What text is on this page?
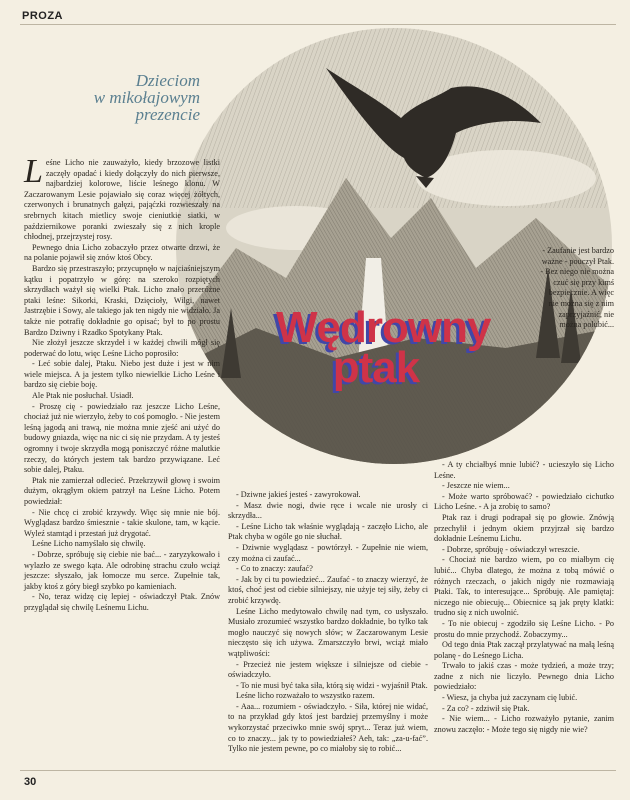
PROZA
Dzieciom
w mikołajowym
prezencie
Wędrowny
ptak

Leśne Licho nie zauważyło, kiedy brzozowe listki zaczęły opadać i kiedy dołączyły do nich pierwsze, najbardziej kolorowe, liście leśnego klonu. W Zaczarowanym Lesie pojawiało się coraz więcej żółtych, czerwonych i brunatnych gałęzi, pająćzki rozwieszały na srebrnych kitach mietlicy swoje cieniutkie siatki, w październikowe poranki zwieszały się z nich krople chłodnej, przejrzystej rosy.

Pewnego dnia Licho zobaczyło przez otwarte drzwi, że na polanie pojawił się znów ktoś Obcy.

Bardzo się przestraszyło; przycupnęło w najciaśniejszym kątku i popatrzyło w górę: na szeroko rozpiętych skrzydłach ważył się wielki Ptak. Licho znało przeróżne ptaki leśne: Sikorki, Kraski, Dzięcioły, Wilgi, nawet Jastrzębie i Sowy, ale takiego jak ten nigdy nie widziało. Ja także nie potrafię dokładnie go opisać; był to po prostu Bardzo Dziwny i Rzadko Spotykany Ptak.

Nie złożył jeszcze skrzydeł i w każdej chwili mógł się poderwać do lotu, więc Leśne Licho poprosiło:

- Leć sobie dalej, Ptaku. Niebo jest duże i jest w nim wiele miejsca. A ja jestem tylko niewielkie Licho Leśne i bardzo się ciebie boję.

Ale Ptak nie posłuchał. Usiadł.

- Proszę cię - powiedziało raz jeszcze Licho Leśne, chociaż już nie wierzyło, żeby to coś pomogło. - Nie jestem leśną jagodą ani trawą, nie można mnie zjeść ani użyć do budowy gniazda, więc na nic ci się nie przydam. A ty jesteś ogromny i twoje skrzydła mogą poniszczyć różne malutkie rzeczy, do których jestem tak bardzo przywiązane. Leć sobie dalej, Ptaku.

Ptak nie zamierzał odlecieć. Przekrzywił głowę i swoim dużym, okrągłym okiem patrzył na Leśne Licho. Potem powiedział:

- Nie chcę ci zrobić krzywdy. Więc się mnie nie bój. Wyglądasz bardzo śmiesznie - takie skulone, tam, w kącie. Wyleź stamtąd i przestań już drygotać.

Leśne Licho namyślało się chwilę.

- Dobrze, spróbuję się ciebie nie bać... - zaryzykowało i wylazło ze swego kąta. Ale odrobinę strachu czuło wciąż jeszcze: słyszało, jak łomocze mu serce. Zupełnie tak, jakby ktoś z góry biegł szybko po kamieniach.

- No, teraz widzę cię lepiej - oświadczył Ptak. Znów przyglądał się chwilę Leśnemu Lichu.

- Dziwne jakieś jesteś - zawyrokował.

- Masz dwie nogi, dwie ręce i wcale nie urosły ci skrzydła...

- Leśne Licho tak właśnie wyglądają - zaczęło Licho, ale Ptak chyba w ogóle go nie słuchał.

- Dziwnie wyglądasz - powtórzył. - Zupełnie nie wiem, czy można ci zaufać...

- Co to znaczy: zaufać?

- Jak by ci tu powiedzieć... Zaufać - to znaczy wierzyć, że ktoś, choć jest od ciebie silniejszy, nie użyje tej siły, żeby ci zrobić krzywdę.

Leśne Licho medytowało chwilę nad tym, co usłyszało. Musiało zrozumieć wszystko bardzo dokładnie, bo tylko tak mogło nauczyć się nowych słów; w Zaczarowanym Lesie nieczęsto się ich używa. Zmarszczyło brwi, wciąż miało wątpliwości:

- Przecież nie jestem większe i silniejsze od ciebie - oświadczyło.

- To nie musi być taka siła, którą się widzi - wyjaśnił Ptak.

Leśne licho rozważało to wszystko razem.

- Aaa... rozumiem - oświadczyło. - Siła, której nie widać, to na przykład gdy ktoś jest bardziej przemyślny i może wykorzystać przeciwko mnie swój spryt... Teraz już wiem, co to znaczy... jak ty to powiedziałeś? Aeh, tak: „za-u-fać”. Tylko nie jestem pewne, po co miałoby się to robić...

- Zaufanie jest bardzo ważne - pouczył Ptak.

- Bez niego nie można czuć się przy kimś bezpiecznie. A więc nie można się z nim zaprzyjaźnić, nie można polubić...

- A ty chciałbyś mnie lubić? - ucieszyło się Licho Leśne.

- Jeszcze nie wiem...

- Może warto spróbować? - powiedziało cichutko Licho Leśne. - A ja zrobię to samo?

Ptak raz i drugi podrapał się po głowie. Znówją przechylił i jednym okiem przyjrzał się bardzo dokładnie Leśnemu Lichu.

- Dobrze, spróbuję - oświadczył wreszcie.

- Chociaż nie bardzo wiem, po co miałbym cię lubić... Chyba dlatego, że można z tobą mówić o różnych rzeczach, o jakich nigdy nie rozmawiają Ptaki. Tak, to interesujące... Spróbuję. Ale pamiętaj: niczego nie obiecuję... Obiecnice są jak pręty klatki: trudno się z nich uwolnić.

- To nie obiecuj - zgodziło się Leśne Licho. - Po prostu do mnie przychodź. Zobaczymy...

Od tego dnia Ptak zaczął przylatywać na małą leśną polanę - do Leśnego Licha.

Trwało to jakiś czas - może tydzień, a może trzy; zadne z nich nie liczyło. Pewnego dnia Licho powiedziało:

- Wiesz, ja chyba już zaczynam cię lubić.

- Za co? - zdziwił się Ptak.

- Nie wiem... - Licho rozważyło pytanie, zanim znowu zaczęło: - Może tego się nigdy nie wie?

30
